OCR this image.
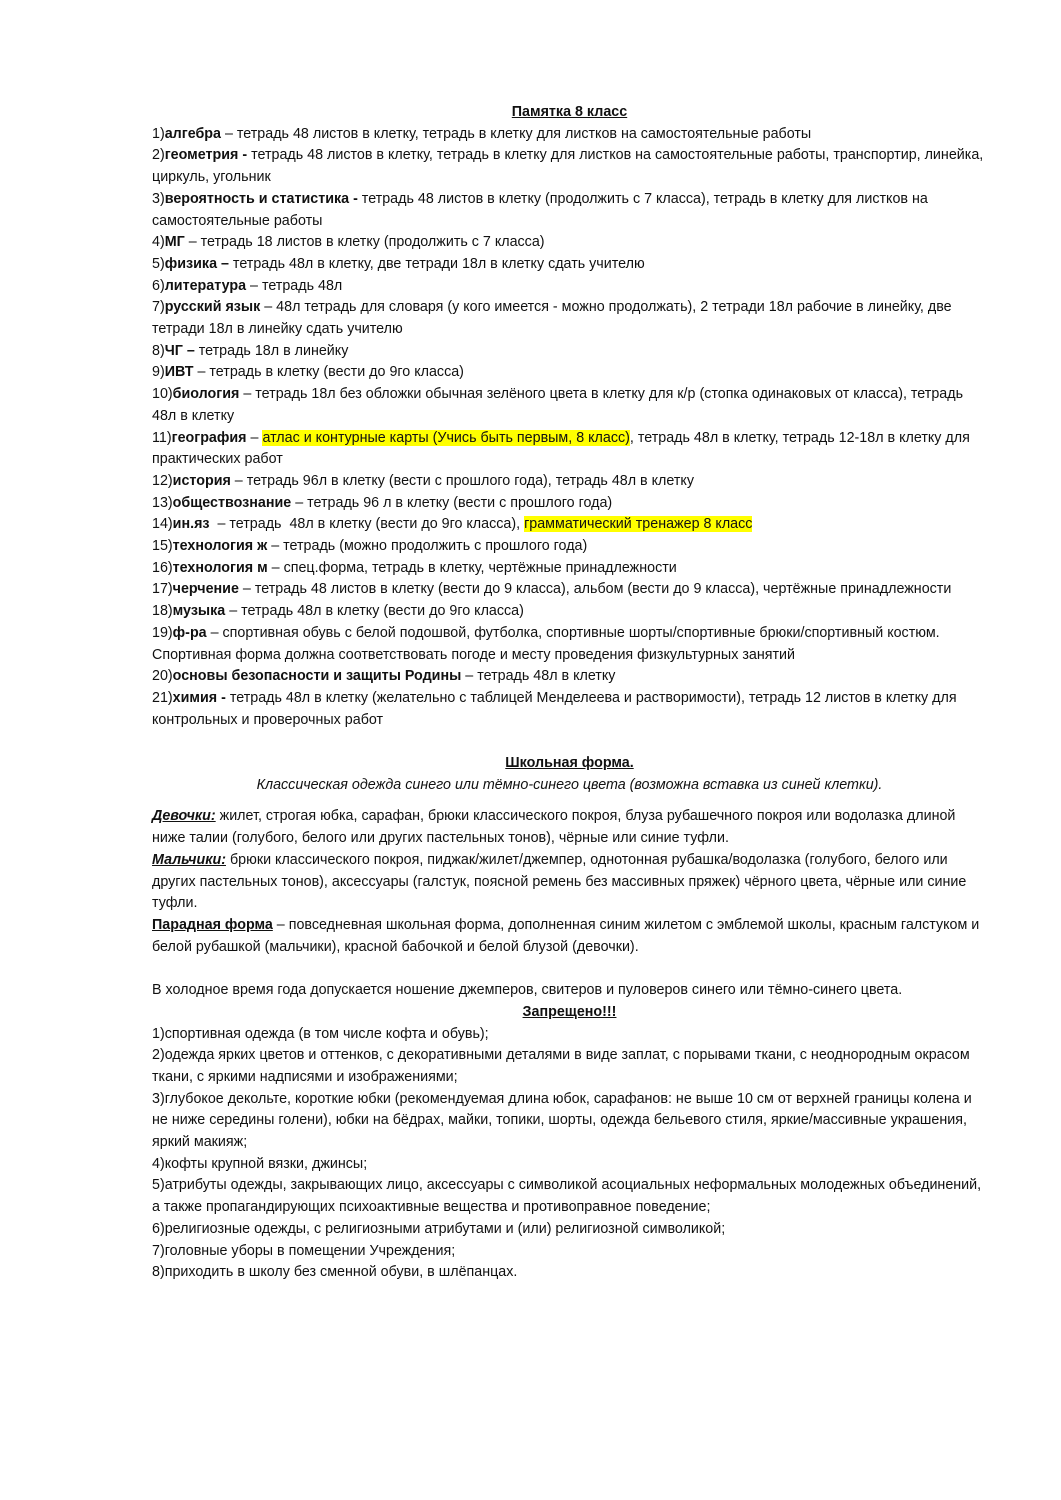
Памятка 8 класс

1)алгебра – тетрадь 48 листов в клетку, тетрадь в клетку для листков на самостоятельные работы

2)геометрия - тетрадь 48 листов в клетку, тетрадь в клетку для листков на самостоятельные работы, транспортир, линейка, циркуль, угольник

3)вероятность и статистика - тетрадь 48 листов в клетку (продолжить с 7 класса), тетрадь в клетку для листков на самостоятельные работы

4)МГ – тетрадь 18 листов в клетку (продолжить с 7 класса)

5)физика – тетрадь 48л в клетку, две тетради 18л в клетку сдать учителю

6)литература – тетрадь 48л

7)русский язык – 48л тетрадь для словаря (у кого имеется - можно продолжать), 2 тетради 18л рабочие в линейку, две тетради 18л в линейку сдать учителю

8)ЧГ – тетрадь 18л в линейку

9)ИВТ – тетрадь в клетку (вести до 9го класса)

10)биология – тетрадь 18л без обложки обычная зелёного цвета в клетку для к/р (стопка одинаковых от класса), тетрадь 48л в клетку

11)география – атлас и контурные карты (Учись быть первым, 8 класс), тетрадь 48л в клетку, тетрадь 12-18л в клетку для практических работ

12)история – тетрадь 96л в клетку (вести с прошлого года), тетрадь 48л в клетку

13)обществознание – тетрадь 96 л в клетку (вести с прошлого года)

14)ин.яз  – тетрадь  48л в клетку (вести до 9го класса), грамматический тренажер 8 класс

15)технология ж – тетрадь (можно продолжить с прошлого года)

16)технология м – спец.форма, тетрадь в клетку, чертёжные принадлежности

17)черчение – тетрадь 48 листов в клетку (вести до 9 класса), альбом (вести до 9 класса), чертёжные принадлежности

18)музыка – тетрадь 48л в клетку (вести до 9го класса)

19)ф-ра – спортивная обувь с белой подошвой, футболка, спортивные шорты/спортивные брюки/спортивный костюм. Спортивная форма должна соответствовать погоде и месту проведения физкультурных занятий

20)основы безопасности и защиты Родины – тетрадь 48л в клетку

21)химия - тетрадь 48л в клетку (желательно с таблицей Менделеева и растворимости), тетрадь 12 листов в клетку для контрольных и проверочных работ

Школьная форма.

Классическая одежда синего или тёмно-синего цвета (возможна вставка из синей клетки).

Девочки: жилет, строгая юбка, сарафан, брюки классического покроя, блуза рубашечного покроя или водолазка длиной ниже талии (голубого, белого или других пастельных тонов), чёрные или синие туфли.

Мальчики: брюки классического покроя, пиджак/жилет/джемпер, однотонная рубашка/водолазка (голубого, белого или других пастельных тонов), аксессуары (галстук, поясной ремень без массивных пряжек) чёрного цвета, чёрные или синие туфли.

Парадная форма – повседневная школьная форма, дополненная синим жилетом с эмблемой школы, красным галстуком и белой рубашкой (мальчики), красной бабочкой и белой блузой (девочки).

В холодное время года допускается ношение джемперов, свитеров и пуловеров синего или тёмно-синего цвета.

Запрещено!!!

1)спортивная одежда (в том числе кофта и обувь);

2)одежда ярких цветов и оттенков, с декоративными деталями в виде заплат, с порывами ткани, с неоднородным окрасом ткани, с яркими надписями и изображениями;

3)глубокое декольте, короткие юбки (рекомендуемая длина юбок, сарафанов: не выше 10 см от верхней границы колена и не ниже середины голени), юбки на бёдрах, майки, топики, шорты, одежда бельевого стиля, яркие/массивные украшения, яркий макияж;

4)кофты крупной вязки, джинсы;

5)атрибуты одежды, закрывающих лицо, аксессуары с символикой асоциальных неформальных молодежных объединений, а также пропагандирующих психоактивные вещества и противоправное поведение;

6)религиозные одежды, с религиозными атрибутами и (или) религиозной символикой;

7)головные уборы в помещении Учреждения;

8)приходить в школу без сменной обуви, в шлёпанцах.
